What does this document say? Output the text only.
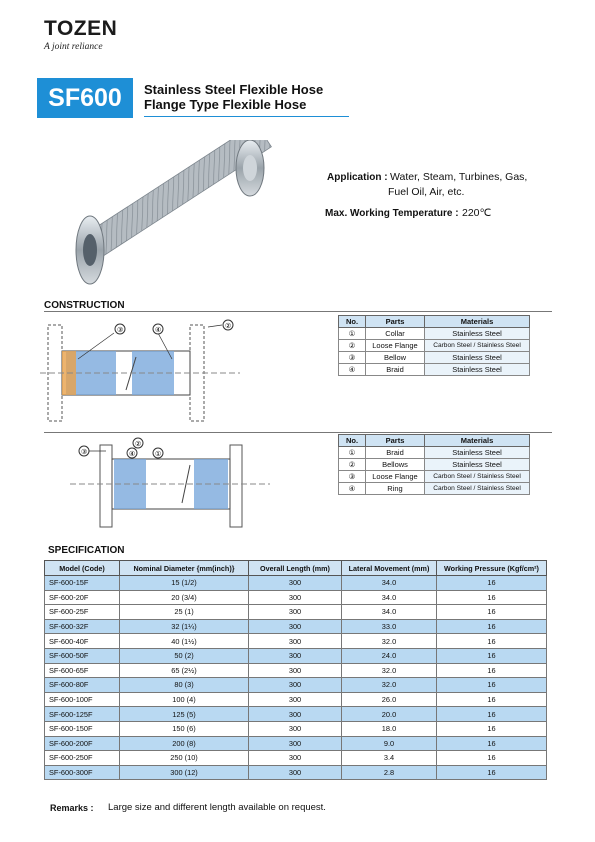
TOZEN
A joint reliance
SF600	Stainless Steel Flexible Hose
Flange Type Flexible Hose
Application : Water, Steam, Turbines, Gas,
Fuel Oil, Air, etc.
Max. Working Temperature : 220℃
CONSTRUCTION
③	④
②
No.	Parts	Materials
①	Collar	Stainless Steel
②	Loose Flange	Carbon Steel / Stainless Steel
③	Bellow	Stainless Steel
④	Braid	Stainless Steel
③
②
④	①
No.	Parts	Materials
①	Braid	Stainless Steel
②	Bellows	Stainless Steel
③	Loose Flange	Carbon Steel / Stainless Steel
④	Ring	Carbon Steel / Stainless Steel
SPECIFICATION
Model (Code)	Nominal Diameter {mm(inch)}	Overall Length (mm)	Lateral Movement (mm)	Working Pressure (Kgf/cm²)
SF-600-15F	15 (1/2)	300	34.0	16
SF-600-20F	20 (3/4)	300	34.0	16
SF-600-25F	25 (1)	300	34.0	16
SF-600-32F	32 (1¼)	300	33.0	16
SF-600-40F	40 (1½)	300	32.0	16
SF-600-50F	50 (2)	300	24.0	16
SF-600-65F	65 (2½)	300	32.0	16
SF-600-80F	80 (3)	300	32.0	16
SF-600-100F	100 (4)	300	26.0	16
SF-600-125F	125 (5)	300	20.0	16
SF-600-150F	150 (6)	300	18.0	16
SF-600-200F	200 (8)	300	9.0	16
SF-600-250F	250 (10)	300	3.4	16
SF-600-300F	300 (12)	300	2.8	16
Remarks : Large size and different length available on request.
